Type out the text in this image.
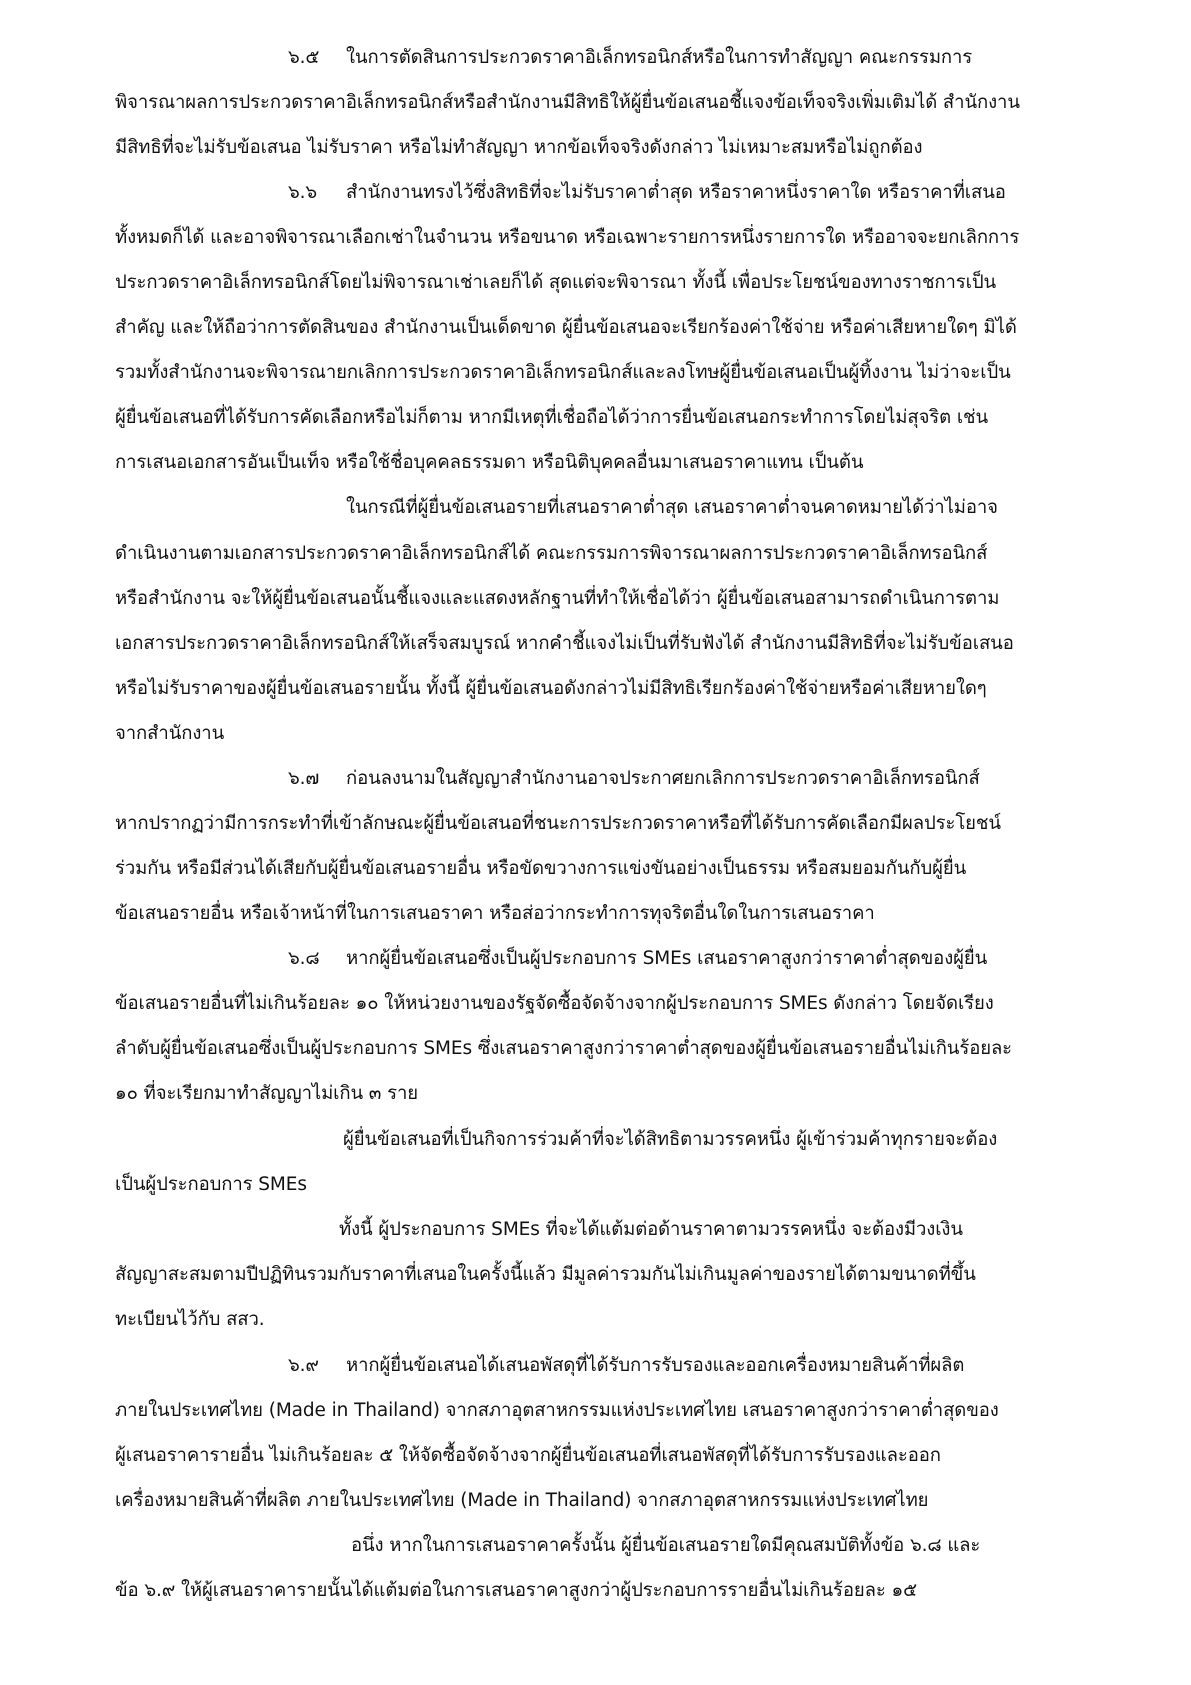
๖.๕ ในการตัดสินการประกวดราคาอิเล็กทรอนิกส์หรือในการทำสัญญา คณะกรรมการ
พิจารณาผลการประกวดราคาอิเล็กทรอนิกส์หรือสำนักงานมีสิทธิให้ผู้ยื่นข้อเสนอชี้แจงข้อเท็จจริงเพิ่มเติมได้ สำนักงาน
มีสิทธิที่จะไม่รับข้อเสนอ ไม่รับราคา หรือไม่ทำสัญญา หากข้อเท็จจริงดังกล่าว ไม่เหมาะสมหรือไม่ถูกต้อง
๖.๖ สำนักงานทรงไว้ซึ่งสิทธิที่จะไม่รับราคาต่ำสุด หรือราคาหนึ่งราคาใด หรือราคาที่เสนอ
ทั้งหมดก็ได้ และอาจพิจารณาเลือกเช่าในจำนวน หรือขนาด หรือเฉพาะรายการหนึ่งรายการใด หรืออาจจะยกเลิกการ
ประกวดราคาอิเล็กทรอนิกส์โดยไม่พิจารณาเช่าเลยก็ได้ สุดแต่จะพิจารณา ทั้งนี้ เพื่อประโยชน์ของทางราชการเป็น
สำคัญ และให้ถือว่าการตัดสินของ สำนักงานเป็นเด็ดขาด ผู้ยื่นข้อเสนอจะเรียกร้องค่าใช้จ่าย หรือค่าเสียหายใดๆ มิได้
รวมทั้งสำนักงานจะพิจารณายกเลิกการประกวดราคาอิเล็กทรอนิกส์และลงโทษผู้ยื่นข้อเสนอเป็นผู้ทิ้งงาน ไม่ว่าจะเป็น
ผู้ยื่นข้อเสนอที่ได้รับการคัดเลือกหรือไม่ก็ตาม หากมีเหตุที่เชื่อถือได้ว่าการยื่นข้อเสนอกระทำการโดยไม่สุจริต เช่น
การเสนอเอกสารอันเป็นเท็จ หรือใช้ชื่อบุคคลธรรมดา หรือนิติบุคคลอื่นมาเสนอราคาแทน เป็นต้น
ในกรณีที่ผู้ยื่นข้อเสนอรายที่เสนอราคาต่ำสุด เสนอราคาต่ำจนคาดหมายได้ว่าไม่อาจ
ดำเนินงานตามเอกสารประกวดราคาอิเล็กทรอนิกส์ได้ คณะกรรมการพิจารณาผลการประกวดราคาอิเล็กทรอนิกส์
หรือสำนักงาน จะให้ผู้ยื่นข้อเสนอนั้นชี้แจงและแสดงหลักฐานที่ทำให้เชื่อได้ว่า ผู้ยื่นข้อเสนอสามารถดำเนินการตาม
เอกสารประกวดราคาอิเล็กทรอนิกส์ให้เสร็จสมบูรณ์ หากคำชี้แจงไม่เป็นที่รับฟังได้ สำนักงานมีสิทธิที่จะไม่รับข้อเสนอ
หรือไม่รับราคาของผู้ยื่นข้อเสนอรายนั้น ทั้งนี้ ผู้ยื่นข้อเสนอดังกล่าวไม่มีสิทธิเรียกร้องค่าใช้จ่ายหรือค่าเสียหายใดๆ
จากสำนักงาน
๖.๗ ก่อนลงนามในสัญญาสำนักงานอาจประกาศยกเลิกการประกวดราคาอิเล็กทรอนิกส์
หากปรากฏว่ามีการกระทำที่เข้าลักษณะผู้ยื่นข้อเสนอที่ชนะการประกวดราคาหรือที่ได้รับการคัดเลือกมีผลประโยชน์
ร่วมกัน หรือมีส่วนได้เสียกับผู้ยื่นข้อเสนอรายอื่น หรือขัดขวางการแข่งขันอย่างเป็นธรรม หรือสมยอมกันกับผู้ยื่น
ข้อเสนอรายอื่น หรือเจ้าหน้าที่ในการเสนอราคา หรือส่อว่ากระทำการทุจริตอื่นใดในการเสนอราคา
๖.๘ หากผู้ยื่นข้อเสนอซึ่งเป็นผู้ประกอบการ SMEs เสนอราคาสูงกว่าราคาต่ำสุดของผู้ยื่น
ข้อเสนอรายอื่นที่ไม่เกินร้อยละ ๑๐ ให้หน่วยงานของรัฐจัดซื้อจัดจ้างจากผู้ประกอบการ SMEs ดังกล่าว โดยจัดเรียง
ลำดับผู้ยื่นข้อเสนอซึ่งเป็นผู้ประกอบการ SMEs ซึ่งเสนอราคาสูงกว่าราคาต่ำสุดของผู้ยื่นข้อเสนอรายอื่นไม่เกินร้อยละ
๑๐ ที่จะเรียกมาทำสัญญาไม่เกิน ๓ ราย
ผู้ยื่นข้อเสนอที่เป็นกิจการร่วมค้าที่จะได้สิทธิตามวรรคหนึ่ง ผู้เข้าร่วมค้าทุกรายจะต้อง
เป็นผู้ประกอบการ SMEs
ทั้งนี้ ผู้ประกอบการ SMEs ที่จะได้แต้มต่อด้านราคาตามวรรคหนึ่ง จะต้องมีวงเงิน
สัญญาสะสมตามปีปฏิทินรวมกับราคาที่เสนอในครั้งนี้แล้ว มีมูลค่ารวมกันไม่เกินมูลค่าของรายได้ตามขนาดที่ขึ้น
ทะเบียนไว้กับ สสว.
๖.๙ หากผู้ยื่นข้อเสนอได้เสนอพัสดุที่ได้รับการรับรองและออกเครื่องหมายสินค้าที่ผลิต
ภายในประเทศไทย (Made in Thailand) จากสภาอุตสาหกรรมแห่งประเทศไทย เสนอราคาสูงกว่าราคาต่ำสุดของ
ผู้เสนอราคารายอื่น ไม่เกินร้อยละ ๕ ให้จัดซื้อจัดจ้างจากผู้ยื่นข้อเสนอที่เสนอพัสดุที่ได้รับการรับรองและออก
เครื่องหมายสินค้าที่ผลิต ภายในประเทศไทย (Made in Thailand) จากสภาอุตสาหกรรมแห่งประเทศไทย
อนึ่ง หากในการเสนอราคาครั้งนั้น ผู้ยื่นข้อเสนอรายใดมีคุณสมบัติทั้งข้อ ๖.๘ และ
ข้อ ๖.๙ ให้ผู้เสนอราคารายนั้นได้แต้มต่อในการเสนอราคาสูงกว่าผู้ประกอบการรายอื่นไม่เกินร้อยละ ๑๕
